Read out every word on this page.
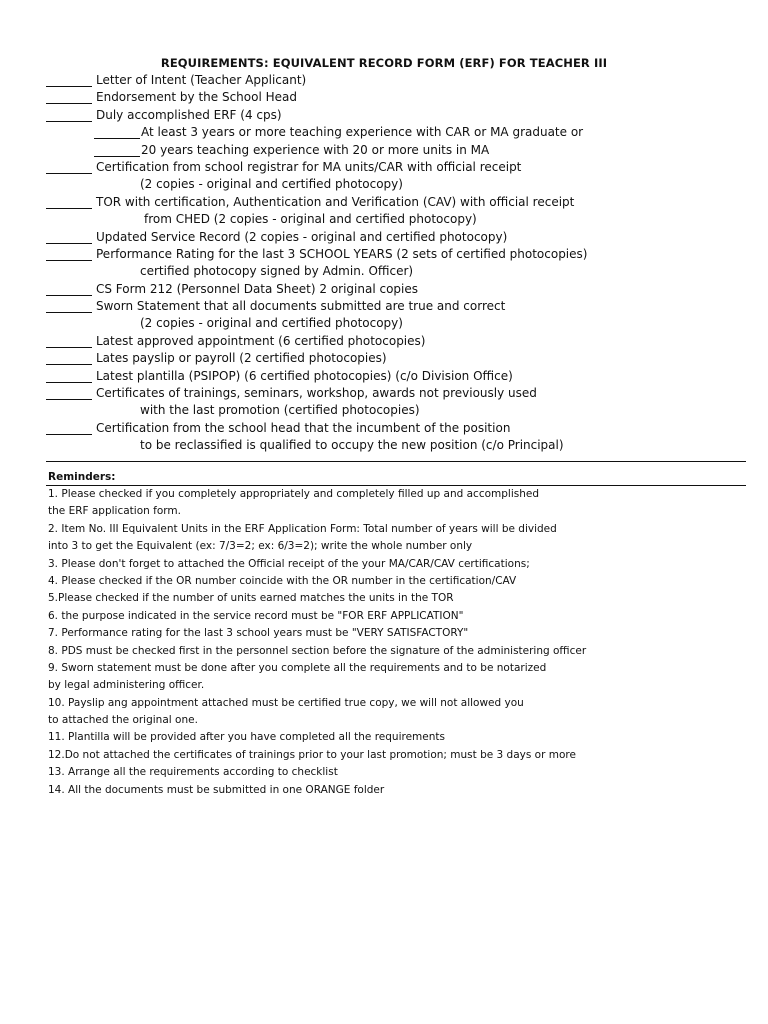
REQUIREMENTS: EQUIVALENT RECORD FORM (ERF) FOR TEACHER III
Letter of Intent (Teacher Applicant)
Endorsement by the School Head
Duly accomplished ERF (4 cps)
At least 3 years or more teaching experience with CAR or MA graduate or
20 years teaching experience with 20 or more units in MA
Certification from school registrar for MA units/CAR with official receipt
(2 copies - original and certified photocopy)
TOR with certification, Authentication and Verification (CAV) with official receipt
from CHED (2 copies - original and certified photocopy)
Updated Service Record (2 copies - original and certified photocopy)
Performance Rating for the last 3 SCHOOL YEARS (2 sets of certified photocopies)
certified photocopy signed by Admin. Officer)
CS Form 212 (Personnel Data Sheet) 2 original copies
Sworn Statement that all documents submitted are true and correct
(2 copies - original and certified photocopy)
Latest approved appointment (6 certified photocopies)
Lates payslip or payroll (2 certified photocopies)
Latest plantilla (PSIPOP) (6 certified photocopies) (c/o Division Office)
Certificates of trainings, seminars, workshop, awards not previously used
with the last promotion (certified photocopies)
Certification from the school head that the incumbent of the position
to be reclassified is qualified to occupy the new position (c/o Principal)
Reminders:
1. Please checked if you completely appropriately and completely filled up and accomplished
the ERF application form.
2. Item No. III Equivalent Units in the ERF Application Form: Total number of years will be divided
into 3 to get the Equivalent (ex: 7/3=2; ex: 6/3=2); write the whole number only
3. Please don't forget to attached the Official receipt of the your MA/CAR/CAV certifications;
4. Please checked if the OR number coincide with the OR number in the certification/CAV
5.Please checked if the number of units earned matches the units in the TOR
6. the purpose indicated in the service record must be "FOR ERF APPLICATION"
7. Performance rating for the last 3 school years must be "VERY SATISFACTORY"
8. PDS must be checked first in the personnel section before the signature of the administering officer
9. Sworn statement must be done after you complete all the requirements and to be notarized
by legal administering officer.
10. Payslip ang appointment attached must be certified true copy, we will not allowed you
to attached the original one.
11. Plantilla will be provided after you have completed all the requirements
12.Do not attached the certificates of trainings prior to your last promotion; must be 3 days or more
13. Arrange all the requirements according to checklist
14. All the documents must be submitted in one ORANGE folder
